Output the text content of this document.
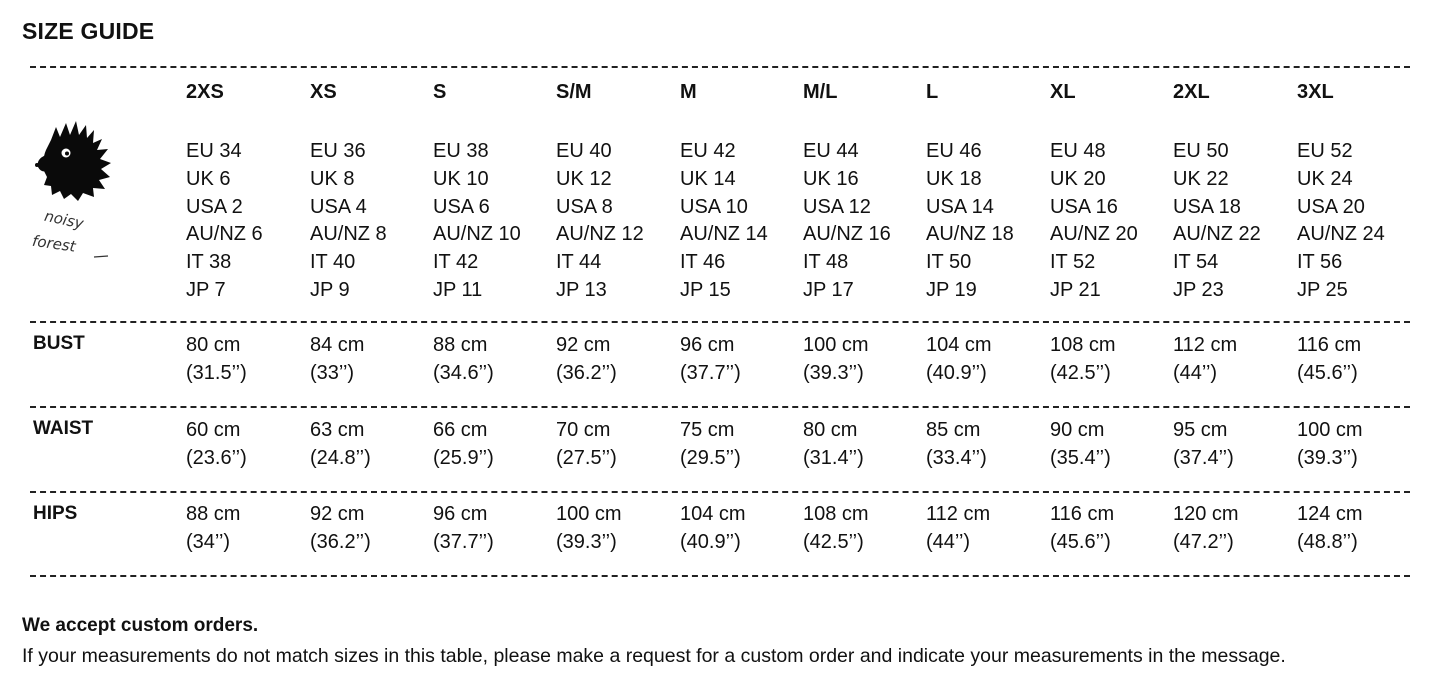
SIZE GUIDE
noisy
forest
2XS
EU 34
UK 6
USA 2
AU/NZ 6
IT 38
JP 7
XS
EU 36
UK 8
USA 4
AU/NZ 8
IT 40
JP 9
S
EU 38
UK 10
USA 6
AU/NZ 10
IT 42
JP 11
S/M
EU 40
UK 12
USA 8
AU/NZ 12
IT 44
JP 13
M
EU 42
UK 14
USA 10
AU/NZ 14
IT 46
JP 15
M/L
EU 44
UK 16
USA 12
AU/NZ 16
IT 48
JP 17
L
EU 46
UK 18
USA 14
AU/NZ 18
IT 50
JP 19
XL
EU 48
UK 20
USA 16
AU/NZ 20
IT 52
JP 21
2XL
EU 50
UK 22
USA 18
AU/NZ 22
IT 54
JP 23
3XL
EU 52
UK 24
USA 20
AU/NZ 24
IT 56
JP 25
BUST
WAIST
HIPS
80 cm
(31.5’’)
84 cm
(33’’)
88 cm
(34.6’’)
92 cm
(36.2’’)
96 cm
(37.7’’)
100 cm
(39.3’’)
104 cm
(40.9’’)
108 cm
(42.5’’)
112 cm
(44’’)
116 cm
(45.6’’)
60 cm
(23.6’’)
63 cm
(24.8’’)
66 cm
(25.9’’)
70 cm
(27.5’’)
75 cm
(29.5’’)
80 cm
(31.4’’)
85 cm
(33.4’’)
90 cm
(35.4’’)
95 cm
(37.4’’)
100 cm
(39.3’’)
88 cm
(34’’)
92 cm
(36.2’’)
96 cm
(37.7’’)
100 cm
(39.3’’)
104 cm
(40.9’’)
108 cm
(42.5’’)
112 cm
(44’’)
116 cm
(45.6’’)
120 cm
(47.2’’)
124 cm
(48.8’’)
We accept custom orders.
If your measurements do not match sizes in this table, please make a request for a custom order and indicate your measurements in the message.
